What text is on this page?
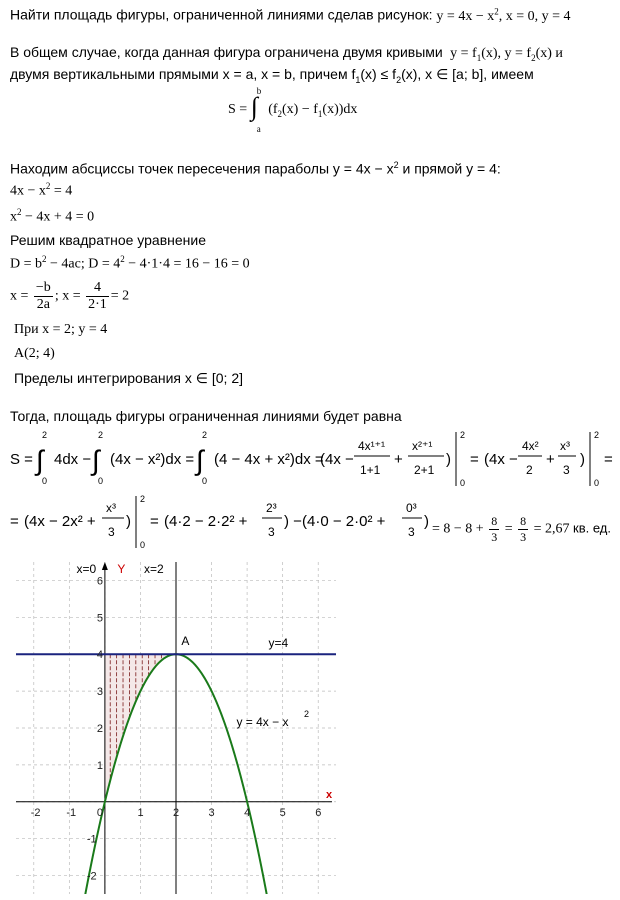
Найти площадь фигуры, ограниченной линиями сделав рисунок: $y = 4x - x^2$, x = 0, y = 4
В общем случае, когда данная фигура ограничена двумя кривыми $y = f_1(x)$, $y = f_2(x)$ и
двумя вертикальными прямыми x = a, x = b, причем $f_1(x) \le f_2(x)$, x ∈ [a; b], имеем
S = ∫
b
a
$(f_2(x) - f_1(x))dx$
Находим абсциссы точек пересечения параболы $y = 4x - x^2$ и прямой y = 4:
$4x - x^2 = 4$
$x^2 - 4x + 4 = 0$
Решим квадратное уравнение
$D = b^2 - 4ac$; $D = 4^2 - 4\cdot 1\cdot 4 = 16 - 16 = 0$
$x = \frac{-b}{2a}$ ; $x = \frac{4}{2\cdot 1} = 2$
При x = 2; y = 4
A(2; 4)
Пределы интегрирования x ∈ [0; 2]
Тогда, площадь фигуры ограниченная линиями будет равна
S = ∫
2
0
4dx − ∫
2
0
(4x − x²)dx = ∫
2
0
(4 − 4x + x²)dx =
(4x −
4x¹⁺¹
1+1
+
x²⁺¹
2+1
)
2
0
= (4x −
4x²
2
+
x³
3
)
2
0
=
= (4x − 2x² +
x³
3
)
2
0
= (4·2 − 2·2² +
2³
3
) − (4·0 − 2·0² +
0³
3
) = $8 - 8 + \frac{8}{3} = \frac{8}{3} = 2,67$ кв. ед.
-2 -1 0	1	2	3	4	5	6
-2
-1
1
2
3
4
5
6
x=0 Y x=2
y=4
A
y = 4x − x
2
x
